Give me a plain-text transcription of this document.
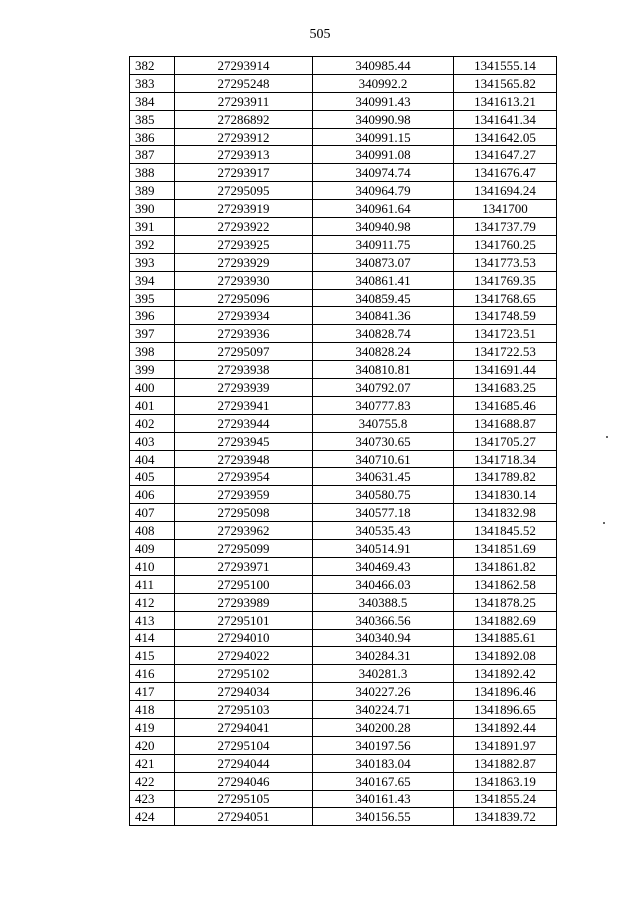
505
382	27293914	340985.44	1341555.14
383	27295248	340992.2	1341565.82
384	27293911	340991.43	1341613.21
385	27286892	340990.98	1341641.34
386	27293912	340991.15	1341642.05
387	27293913	340991.08	1341647.27
388	27293917	340974.74	1341676.47
389	27295095	340964.79	1341694.24
390	27293919	340961.64	1341700
391	27293922	340940.98	1341737.79
392	27293925	340911.75	1341760.25
393	27293929	340873.07	1341773.53
394	27293930	340861.41	1341769.35
395	27295096	340859.45	1341768.65
396	27293934	340841.36	1341748.59
397	27293936	340828.74	1341723.51
398	27295097	340828.24	1341722.53
399	27293938	340810.81	1341691.44
400	27293939	340792.07	1341683.25
401	27293941	340777.83	1341685.46
402	27293944	340755.8	1341688.87
403	27293945	340730.65	1341705.27
404	27293948	340710.61	1341718.34
405	27293954	340631.45	1341789.82
406	27293959	340580.75	1341830.14
407	27295098	340577.18	1341832.98
408	27293962	340535.43	1341845.52
409	27295099	340514.91	1341851.69
410	27293971	340469.43	1341861.82
411	27295100	340466.03	1341862.58
412	27293989	340388.5	1341878.25
413	27295101	340366.56	1341882.69
414	27294010	340340.94	1341885.61
415	27294022	340284.31	1341892.08
416	27295102	340281.3	1341892.42
417	27294034	340227.26	1341896.46
418	27295103	340224.71	1341896.65
419	27294041	340200.28	1341892.44
420	27295104	340197.56	1341891.97
421	27294044	340183.04	1341882.87
422	27294046	340167.65	1341863.19
423	27295105	340161.43	1341855.24
424	27294051	340156.55	1341839.72
